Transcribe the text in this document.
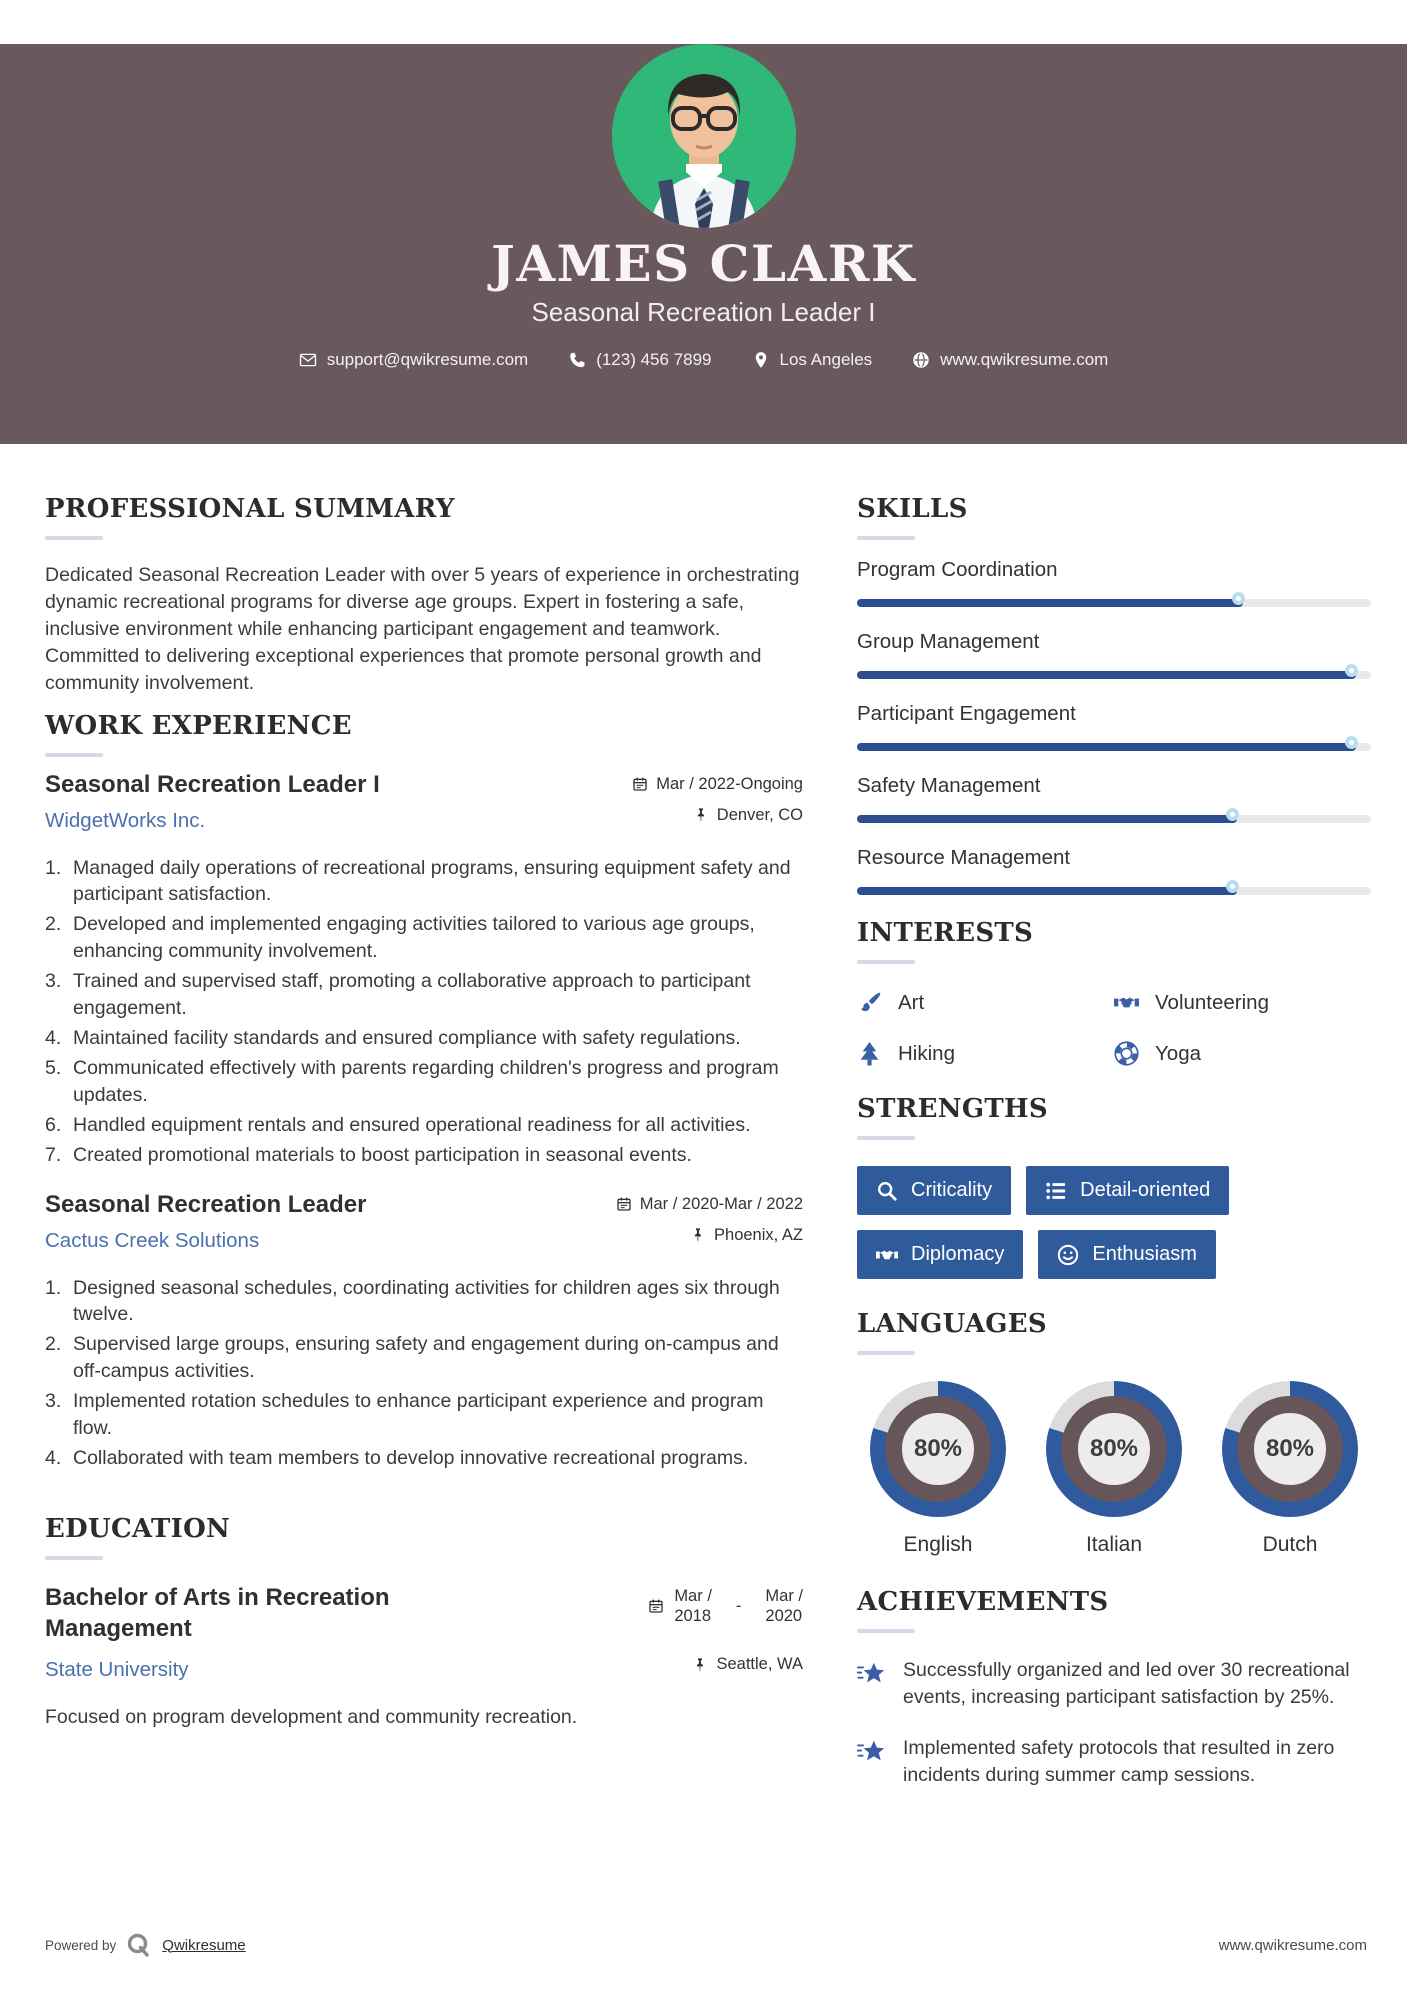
JAMES CLARK
Seasonal Recreation Leader I
support@qwikresume.com	(123) 456 7899	Los Angeles	www.qwikresume.com
PROFESSIONAL SUMMARY

Dedicated Seasonal Recreation Leader with over 5 years of experience in orchestrating dynamic recreational programs for diverse age groups. Expert in fostering a safe, inclusive environment while enhancing participant engagement and teamwork. Committed to delivering exceptional experiences that promote personal growth and community involvement.

WORK EXPERIENCE
Seasonal Recreation Leader I
WidgetWorks Inc.
Mar / 2022-Ongoing
Denver, CO
Managed daily operations of recreational programs, ensuring equipment safety and participant satisfaction.
Developed and implemented engaging activities tailored to various age groups, enhancing community involvement.
Trained and supervised staff, promoting a collaborative approach to participant engagement.
Maintained facility standards and ensured compliance with safety regulations.
Communicated effectively with parents regarding children's progress and program updates.
Handled equipment rentals and ensured operational readiness for all activities.
Created promotional materials to boost participation in seasonal events.
Seasonal Recreation Leader
Cactus Creek Solutions
Mar / 2020-Mar / 2022
Phoenix, AZ
Designed seasonal schedules, coordinating activities for children ages six through twelve.
Supervised large groups, ensuring safety and engagement during on-campus and off-campus activities.
Implemented rotation schedules to enhance participant experience and program flow.
Collaborated with team members to develop innovative recreational programs.
EDUCATION
Bachelor of Arts in Recreation Management
State University
Mar /
2018
-
Mar /
2020
Seattle, WA

Focused on program development and community recreation.

SKILLS
Program Coordination
Group Management
Participant Engagement
Safety Management
Resource Management
INTERESTS
Art	Volunteering
Hiking	Yoga
STRENGTHS
Criticality	Detail-oriented
Diplomacy	Enthusiasm
LANGUAGES
80%
English
80%
Italian
80%
Dutch
ACHIEVEMENTS
Successfully organized and led over 30 recreational events, increasing participant satisfaction by 25%.
Implemented safety protocols that resulted in zero incidents during summer camp sessions.
Powered by	Qwikresume	www.qwikresume.com
